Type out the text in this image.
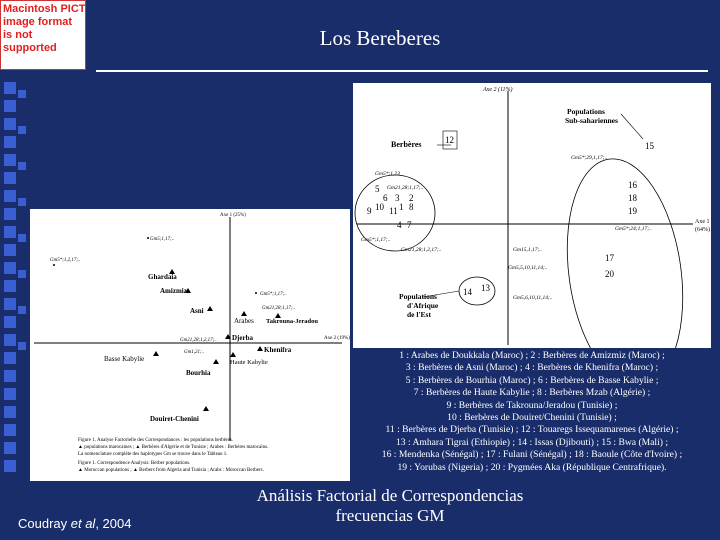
Macintosh PICT
image format
is not supported	Los Bereberes
Axe 1 (25%)
Axe 2 (19%)
Gm5;1,17;..
Gm5*;1,2,17;..
Gm5*;1,17;..
Gm21,28;1,17;..
Gm21,28;1,2,17;..
Gm1,21;..
Ghardaia
Amizmiz
Asni
Arabes Takrouna-Jeradou
Djerba
Khenifra
Haute Kabylie
Basse Kabylie
Bourhia
Douiret-Chenini
Figure 1. Analyse Factorielle des Correspondances : les populations berbères.
▲ populations marocaines ; ▲ Berbères d'Algérie et de Tunisie ; Arabes : Berbères marocains.
La nomenclature complète des haplotypes Gm se trouve dans le Tableau 1.
Figure 1. Correspondence Analysis: Berber populations.
▲ Moroccan populations ; ▲ Berbers from Algeria and Tunisia ; Arabs : Moroccan Berbers.
Axe 2 (11%)
Axe 1
(64%)
Berbères
Populations Sub-sahariennes
Populations d'Afrique de l'Est
12
5
6
10
3
1
2
8
11
9
4 7
15
16
18
19
17
20
14 13
Gm5*;1,23
Gm21,28;1,17;..
Gm5*;29,1,17;..
Gm5*;1,17;..
Gm5*;24;1,17;..
Gm21,28;1,2,17;..	Gm15,1,17;..
Gm5,5,10,11,14;..
Gm5,6,10,11,14;..
1 : Arabes de Doukkala (Maroc) ; 2 : Berbères de Amizmiz (Maroc) ;
3 : Berbères de Asni (Maroc) ; 4 : Berbères de Khenifra (Maroc) ;
5 : Berbères de Bourhia (Maroc) ; 6 : Berbères de Basse Kabylie ;
7 : Berbères de Haute Kabylie ; 8 : Berbères Mzab (Algérie) ;
9 : Berbères de Takrouna/Jeradou (Tunisie) ;
10 : Berbères de Douiret/Chenini (Tunisie) ;
11 : Berbères de Djerba (Tunisie) ; 12 : Touaregs Issequamarenes (Algérie) ;
13 : Amhara Tigrai (Ethiopie) ; 14 : Issas (Djibouti) ; 15 : Bwa (Mali) ;
16 : Mendenka (Sénégal) ; 17 : Fulani (Sénégal) ; 18 : Baoule (Côte d'Ivoire) ;
19 : Yorubas (Nigeria) ; 20 : Pygmées Aka (République Centrafrique).
Análisis Factorial de Correspondencias
frecuencias GM
Coudray et al, 2004
